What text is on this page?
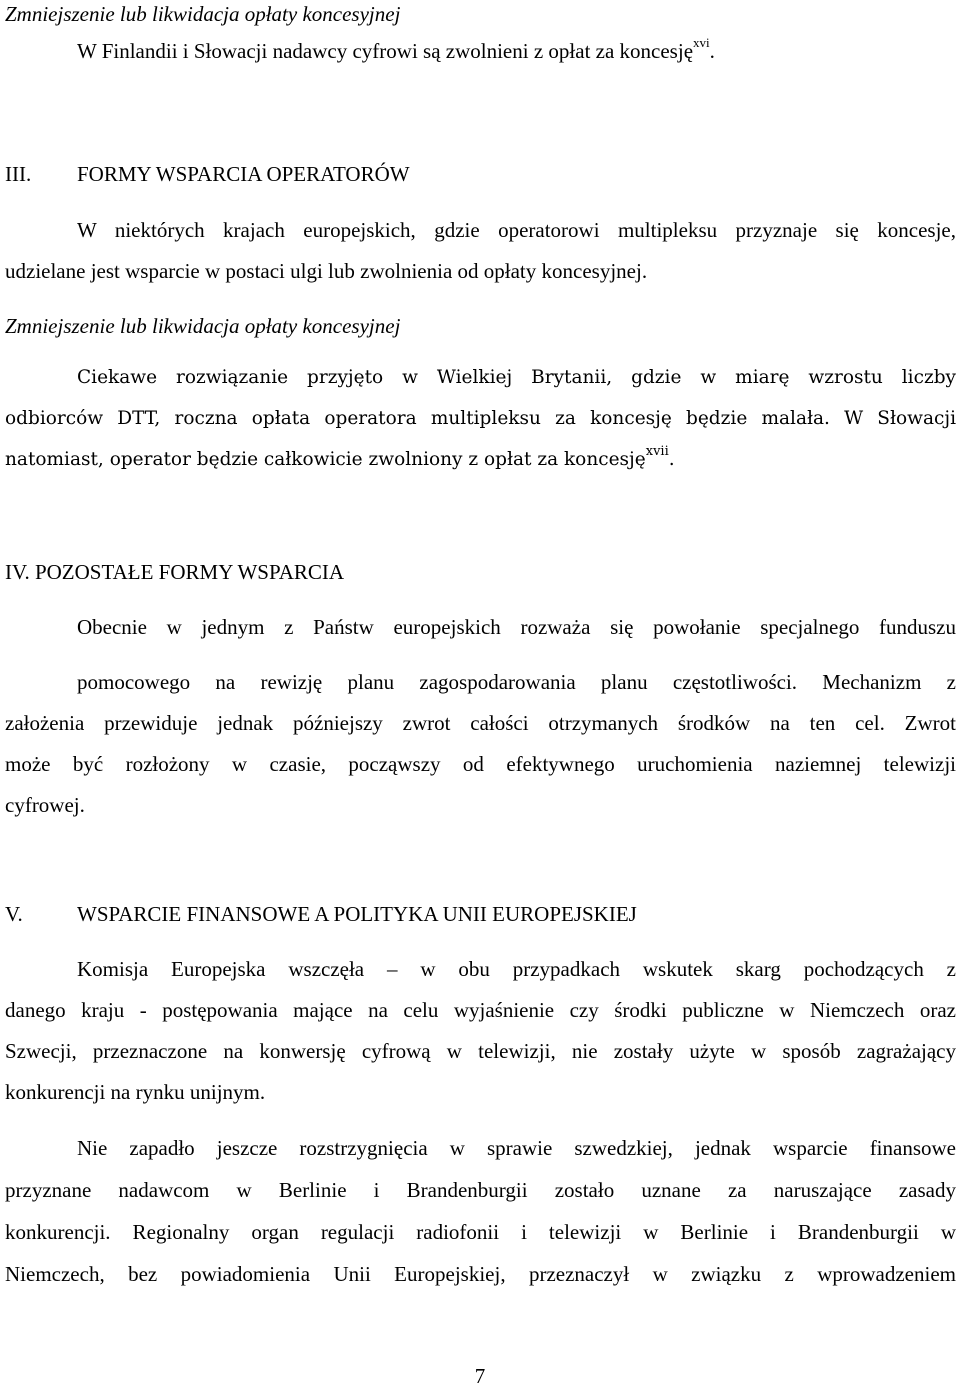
Zmniejszenie lub likwidacja opłaty koncesyjnej
W Finlandii i Słowacji nadawcy cyfrowi są zwolnieni z opłat za koncesję$^{xvi}$.
III. FORMY WSPARCIA OPERATORÓW
W niektórych krajach europejskich, gdzie operatorowi multipleksu przyznaje się koncesje,
udzielane jest wsparcie w postaci ulgi lub zwolnienia od opłaty koncesyjnej.
Zmniejszenie lub likwidacja opłaty koncesyjnej
Ciekawe rozwiązanie przyjęto w Wielkiej Brytanii, gdzie w miarę wzrostu liczby
odbiorców DTT, roczna opłata operatora multipleksu za koncesję będzie malała. W Słowacji
natomiast, operator będzie całkowicie zwolniony z opłat za koncesję$^{xvii}$.
IV. POZOSTAŁE FORMY WSPARCIA
Obecnie w jednym z Państw europejskich rozważa się powołanie specjalnego funduszu
pomocowego na rewizję planu zagospodarowania planu częstotliwości. Mechanizm z
założenia przewiduje jednak późniejszy zwrot całości otrzymanych środków na ten cel. Zwrot
może być rozłożony w czasie, począwszy od efektywnego uruchomienia naziemnej telewizji
cyfrowej.
V.	WSPARCIE FINANSOWE A POLITYKA UNII EUROPEJSKIEJ
Komisja Europejska wszczęła – w obu przypadkach wskutek skarg pochodzących z
danego kraju - postępowania mające na celu wyjaśnienie czy środki publiczne w Niemczech oraz
Szwecji, przeznaczone na konwersję cyfrową w telewizji, nie zostały użyte w sposób zagrażający
konkurencji na rynku unijnym.
Nie zapadło jeszcze rozstrzygnięcia w sprawie szwedzkiej, jednak wsparcie finansowe
przyznane nadawcom w Berlinie i Brandenburgii zostało uznane za naruszające zasady
konkurencji. Regionalny organ regulacji radiofonii i telewizji w Berlinie i Brandenburgii w
Niemczech, bez powiadomienia Unii Europejskiej, przeznaczył w związku z wprowadzeniem
7
